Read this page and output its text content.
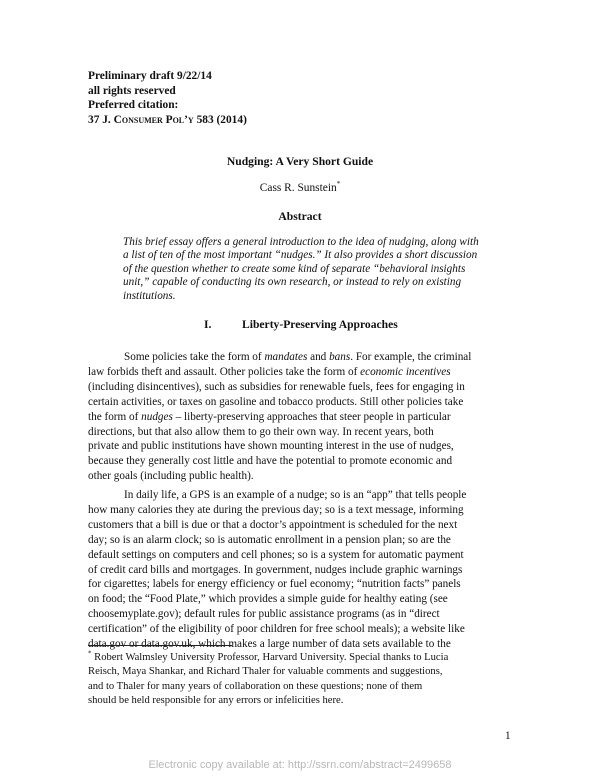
Preliminary draft 9/22/14
all rights reserved
Preferred citation:
37 J. Consumer Pol’y 583 (2014)
Nudging: A Very Short Guide
Cass R. Sunstein*
Abstract
This brief essay offers a general introduction to the idea of nudging, along with
a list of ten of the most important “nudges.” It also provides a short discussion
of the question whether to create some kind of separate “behavioral insights
unit,” capable of conducting its own research, or instead to rely on existing
institutions.
I.	Liberty-Preserving Approaches
Some policies take the form of mandates and bans. For example, the criminal
law forbids theft and assault. Other policies take the form of economic incentives
(including disincentives), such as subsidies for renewable fuels, fees for engaging in
certain activities, or taxes on gasoline and tobacco products. Still other policies take
the form of nudges – liberty-preserving approaches that steer people in particular
directions, but that also allow them to go their own way. In recent years, both
private and public institutions have shown mounting interest in the use of nudges,
because they generally cost little and have the potential to promote economic and
other goals (including public health).
In daily life, a GPS is an example of a nudge; so is an “app” that tells people
how many calories they ate during the previous day; so is a text message, informing
customers that a bill is due or that a doctor’s appointment is scheduled for the next
day; so is an alarm clock; so is automatic enrollment in a pension plan; so are the
default settings on computers and cell phones; so is a system for automatic payment
of credit card bills and mortgages. In government, nudges include graphic warnings
for cigarettes; labels for energy efficiency or fuel economy; “nutrition facts” panels
on food; the “Food Plate,” which provides a simple guide for healthy eating (see
choosemyplate.gov); default rules for public assistance programs (as in “direct
certification” of the eligibility of poor children for free school meals); a website like
data.gov or data.gov.uk, which makes a large number of data sets available to the
* Robert Walmsley University Professor, Harvard University. Special thanks to Lucia
Reisch, Maya Shankar, and Richard Thaler for valuable comments and suggestions,
and to Thaler for many years of collaboration on these questions; none of them
should be held responsible for any errors or infelicities here.
1
Electronic copy available at: http://ssrn.com/abstract=2499658
